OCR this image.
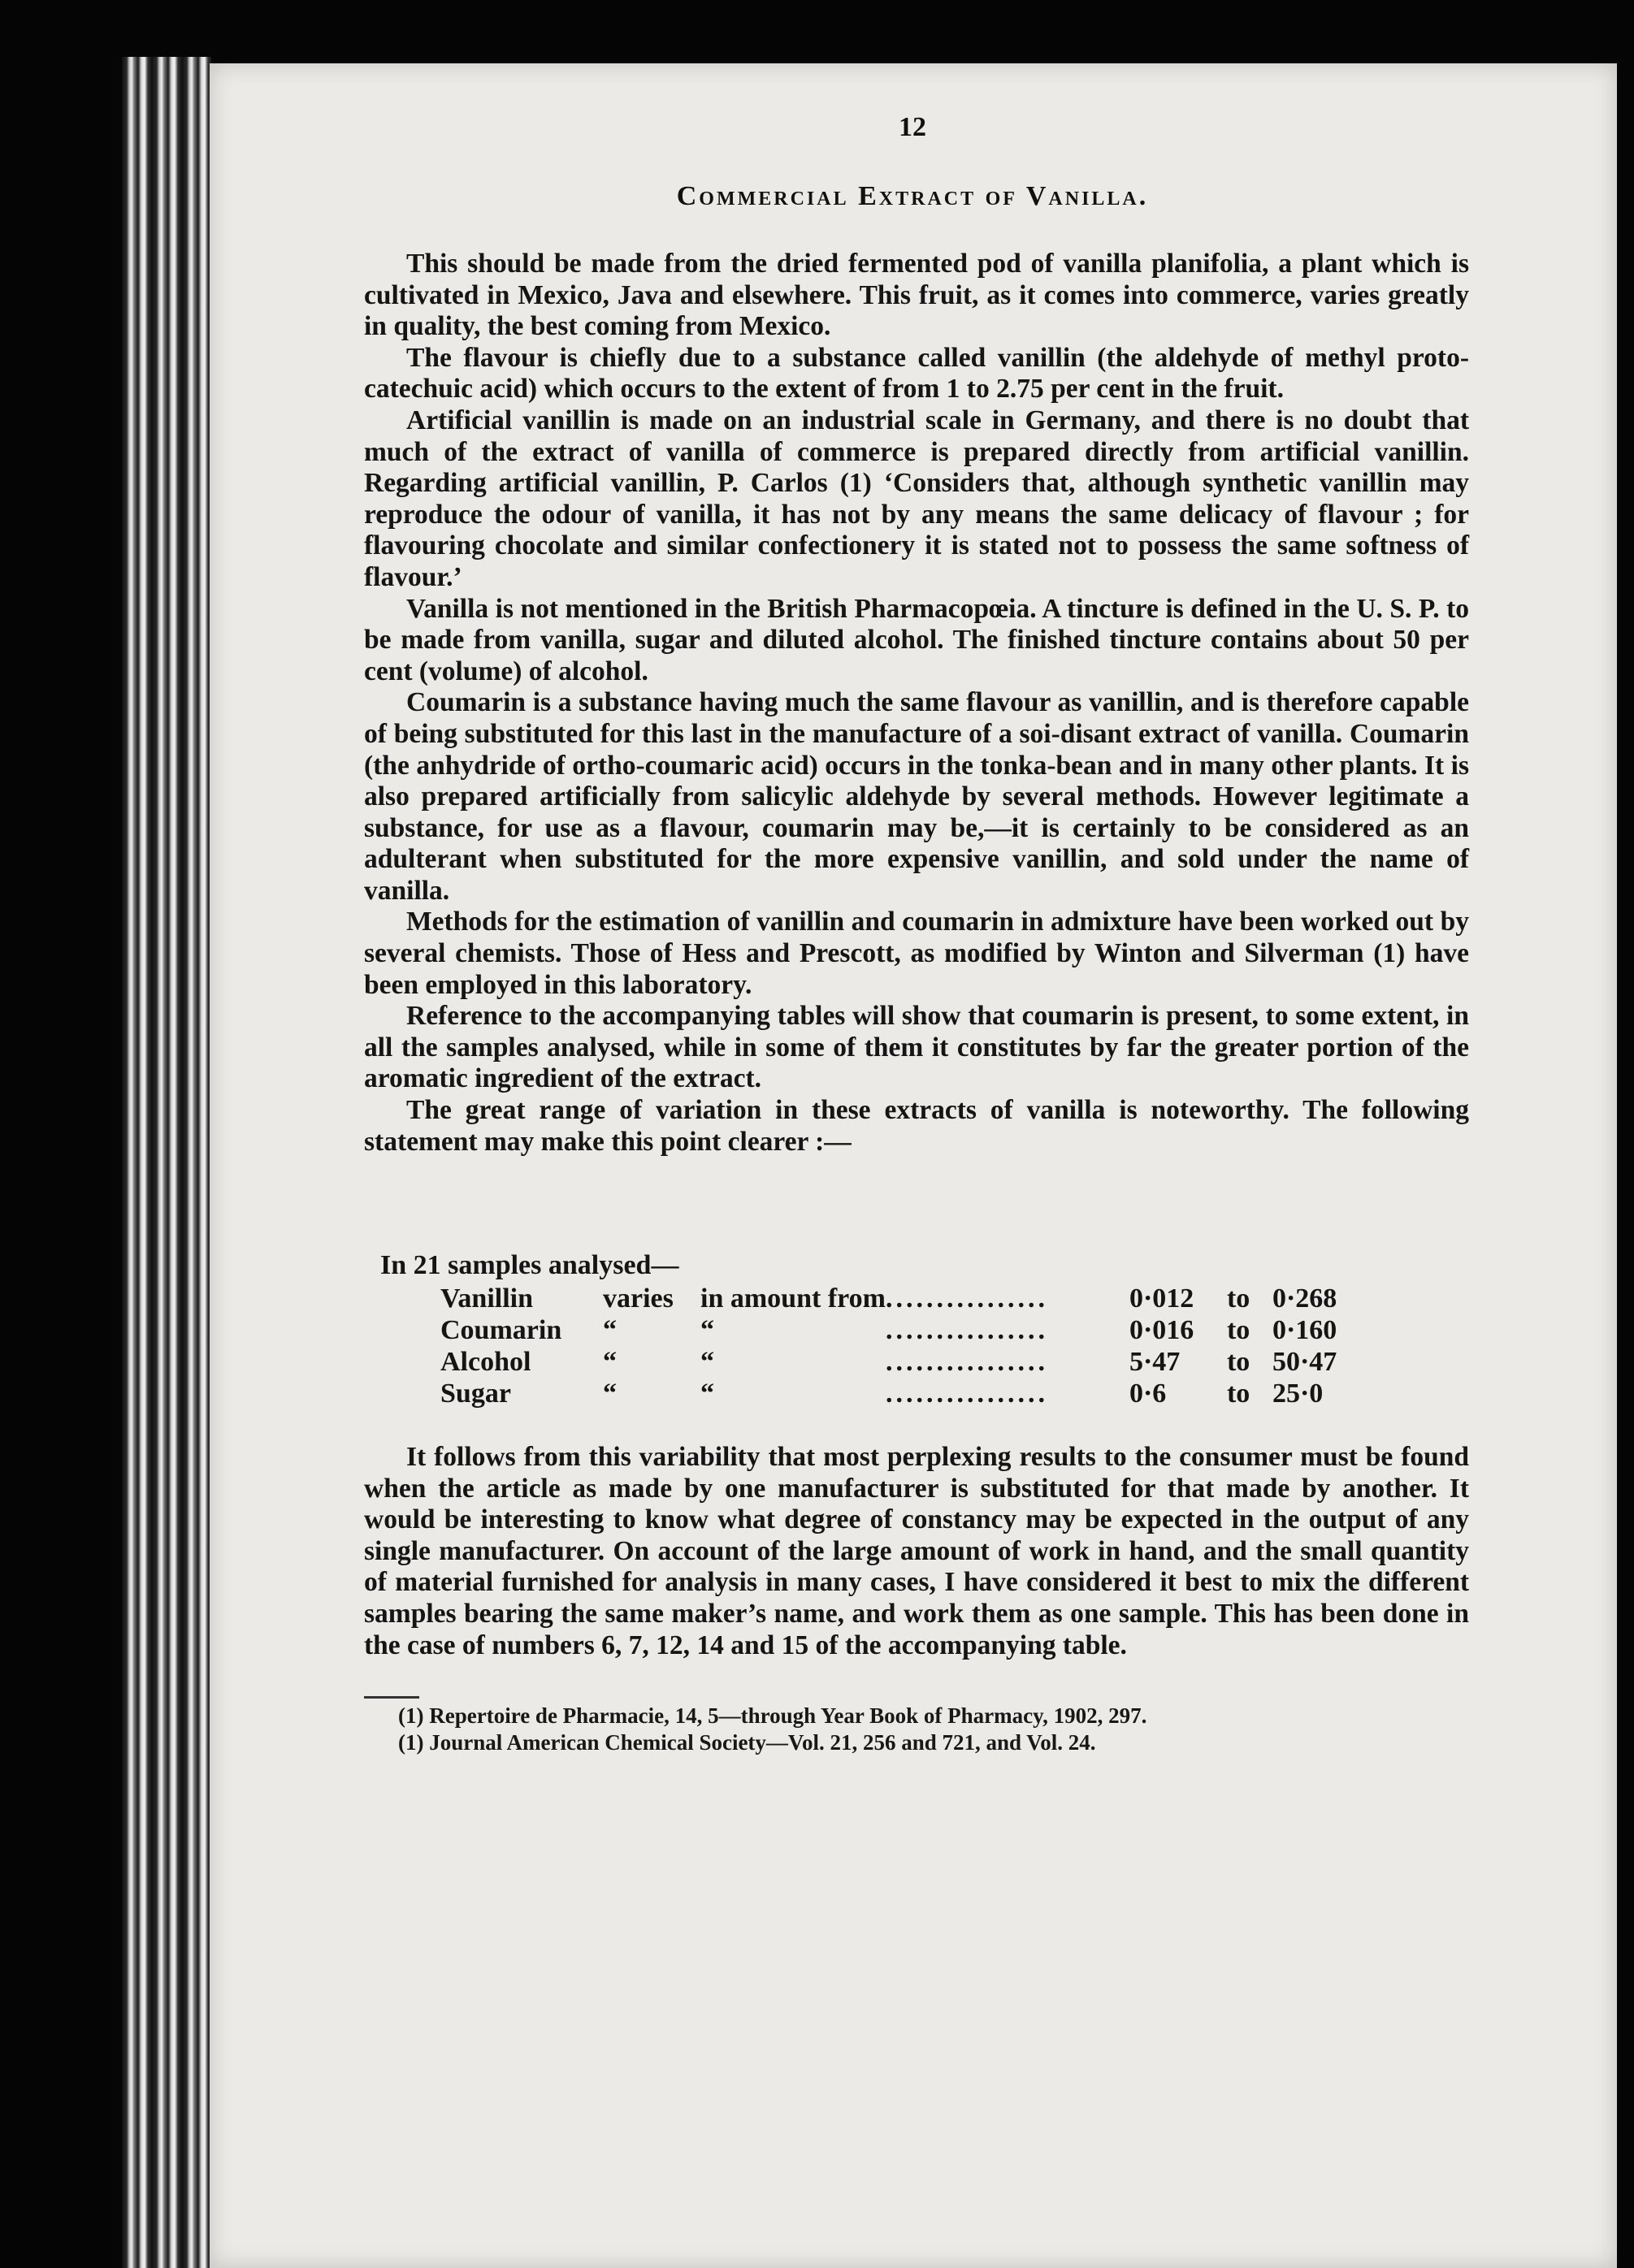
12
Commercial Extract of Vanilla.

This should be made from the dried fermented pod of vanilla planifolia, a plant which is cultivated in Mexico, Java and elsewhere. This fruit, as it comes into commerce, varies greatly in quality, the best coming from Mexico.

The flavour is chiefly due to a substance called vanillin (the aldehyde of methyl proto-catechuic acid) which occurs to the extent of from 1 to 2.75 per cent in the fruit.

Artificial vanillin is made on an industrial scale in Germany, and there is no doubt that much of the extract of vanilla of commerce is prepared directly from artificial vanillin. Regarding artificial vanillin, P. Carlos (1) ‘Considers that, although synthetic vanillin may reproduce the odour of vanilla, it has not by any means the same delicacy of flavour ; for flavouring chocolate and similar confectionery it is stated not to possess the same softness of flavour.’

Vanilla is not mentioned in the British Pharmacopœia. A tincture is defined in the U. S. P. to be made from vanilla, sugar and diluted alcohol. The finished tincture contains about 50 per cent (volume) of alcohol.

Coumarin is a substance having much the same flavour as vanillin, and is therefore capable of being substituted for this last in the manufacture of a soi-disant extract of vanilla. Coumarin (the anhydride of ortho-coumaric acid) occurs in the tonka-bean and in many other plants. It is also prepared artificially from salicylic aldehyde by several methods. However legitimate a substance, for use as a flavour, coumarin may be,—it is certainly to be considered as an adulterant when substituted for the more expensive vanillin, and sold under the name of vanilla.

Methods for the estimation of vanillin and coumarin in admixture have been worked out by several chemists. Those of Hess and Prescott, as modified by Winton and Silverman (1) have been employed in this laboratory.

Reference to the accompanying tables will show that coumarin is present, to some extent, in all the samples analysed, while in some of them it constitutes by far the greater portion of the aromatic ingredient of the extract.

The great range of variation in these extracts of vanilla is noteworthy. The following statement may make this point clearer :—

In 21 samples analysed—

Vanillin	varies	in amount from	................	0·012	to	0·268
Coumarin	“	“	................	0·016	to	0·160
Alcohol	“	“	................	5·47	to	50·47
Sugar	“	“	................	0·6	to	25·0

It follows from this variability that most perplexing results to the consumer must be found when the article as made by one manufacturer is substituted for that made by another. It would be interesting to know what degree of constancy may be expected in the output of any single manufacturer. On account of the large amount of work in hand, and the small quantity of material furnished for analysis in many cases, I have considered it best to mix the different samples bearing the same maker’s name, and work them as one sample. This has been done in the case of numbers 6, 7, 12, 14 and 15 of the accompanying table.

(1) Repertoire de Pharmacie, 14, 5—through Year Book of Pharmacy, 1902, 297.

(1) Journal American Chemical Society—Vol. 21, 256 and 721, and Vol. 24.
